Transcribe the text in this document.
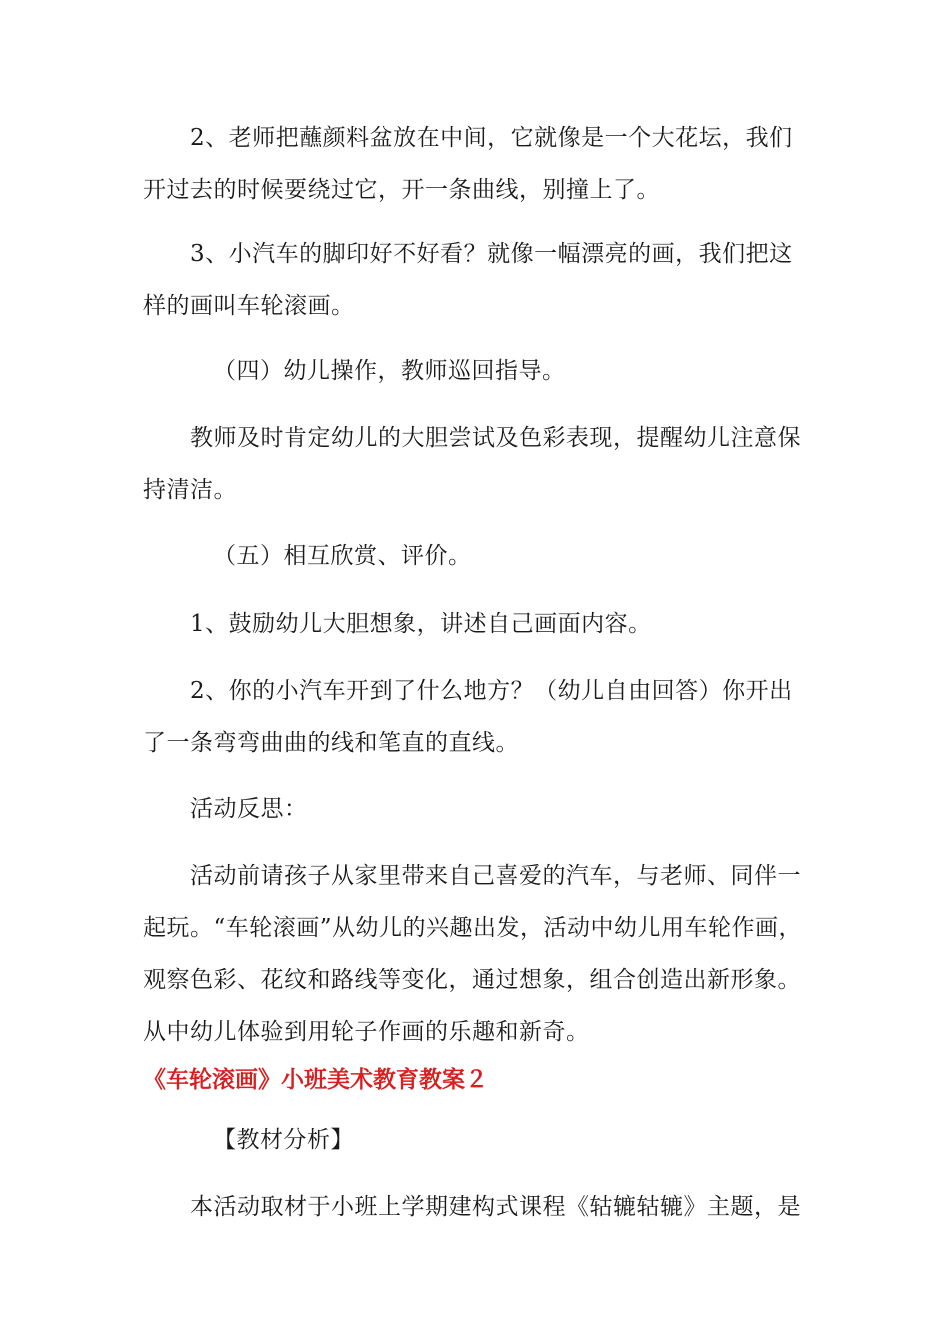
2、老师把蘸颜料盆放在中间，它就像是一个大花坛，我们开过去的时候要绕过它，开一条曲线，别撞上了。

3、小汽车的脚印好不好看？就像一幅漂亮的画，我们把这样的画叫车轮滚画。

（四）幼儿操作，教师巡回指导。

教师及时肯定幼儿的大胆尝试及色彩表现，提醒幼儿注意保持清洁。

（五）相互欣赏、评价。

1、鼓励幼儿大胆想象，讲述自己画面内容。

2、你的小汽车开到了什么地方？（幼儿自由回答）你开出了一条弯弯曲曲的线和笔直的直线。

活动反思：

活动前请孩子从家里带来自己喜爱的汽车，与老师、同伴一起玩。“车轮滚画”从幼儿的兴趣出发，活动中幼儿用车轮作画，观察色彩、花纹和路线等变化，通过想象，组合创造出新形象。从中幼儿体验到用轮子作画的乐趣和新奇。

《车轮滚画》小班美术教育教案２

【教材分析】

本活动取材于小班上学期建构式课程《轱辘轱辘》主题，是
